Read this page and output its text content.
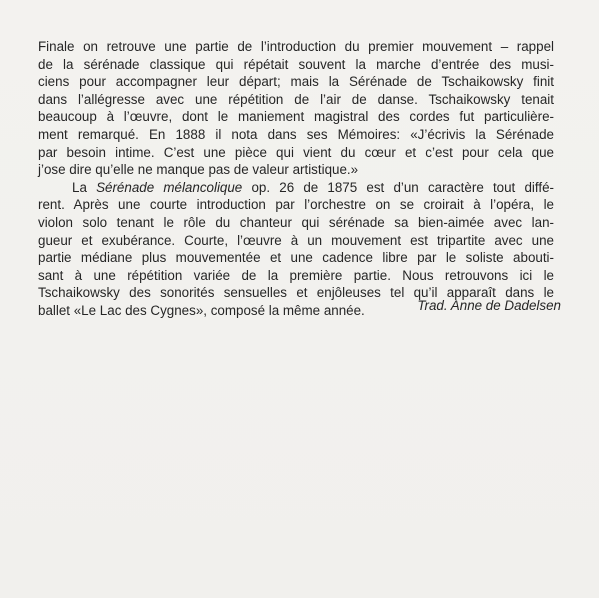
Finale on retrouve une partie de l’introduction du premier mouvement – rappel
de la sérénade classique qui répétait souvent la marche d’entrée des musi-
ciens pour accompagner leur départ; mais la Sérénade de Tschaikowsky finit
dans l’allégresse avec une répétition de l’air de danse. Tschaikowsky tenait
beaucoup à l’œuvre, dont le maniement magistral des cordes fut particulière-
ment remarqué. En 1888 il nota dans ses Mémoires: «J’écrivis la Sérénade
par besoin intime. C’est une pièce qui vient du cœur et c’est pour cela que
j’ose dire qu’elle ne manque pas de valeur artistique.»
La Sérénade mélancolique op. 26 de 1875 est d’un caractère tout diffé-
rent. Après une courte introduction par l’orchestre on se croirait à l’opéra, le
violon solo tenant le rôle du chanteur qui sérénade sa bien-aimée avec lan-
gueur et exubérance. Courte, l’œuvre à un mouvement est tripartite avec une
partie médiane plus mouvementée et une cadence libre par le soliste abouti-
sant à une répétition variée de la première partie. Nous retrouvons ici le
Tschaikowsky des sonorités sensuelles et enjôleuses tel qu’il apparaît dans le
ballet «Le Lac des Cygnes», composé la même année.	Trad. Anne de Dadelsen
